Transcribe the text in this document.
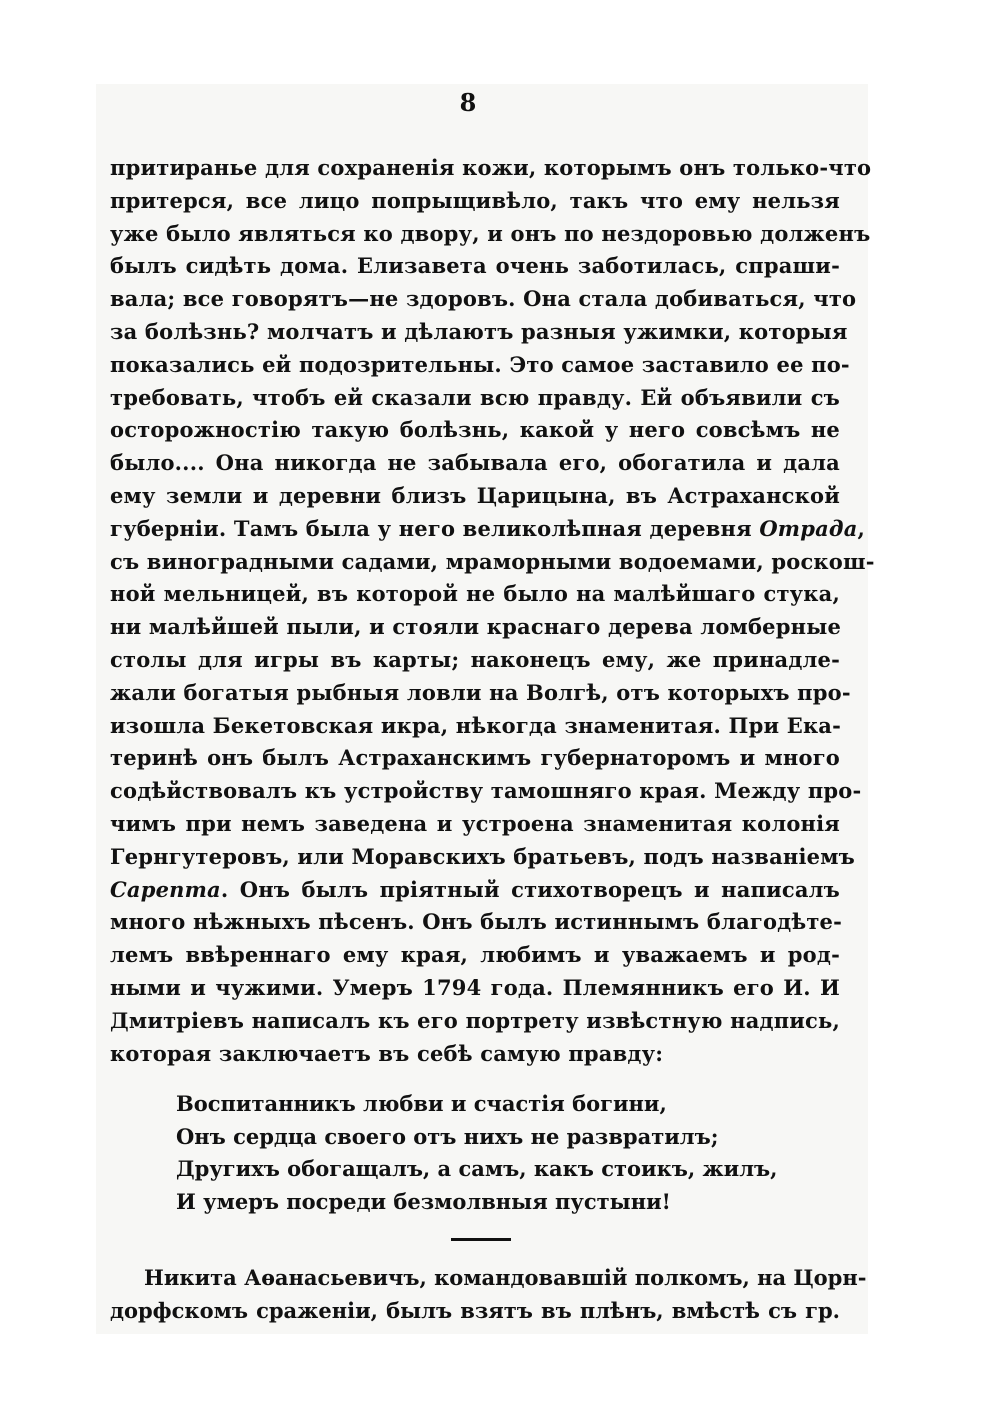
8
притиранье для сохраненія кожи, которымъ онъ только-что
притерся, все лицо попрыщивѣло, такъ что ему нельзя
уже было являться ко двору, и онъ по нездоровью долженъ
былъ сидѣть дома. Елизавета очень заботилась, спраши-
вала; все говорятъ—не здоровъ. Она стала добиваться, что
за болѣзнь? молчатъ и дѣлаютъ разныя ужимки, которыя
показались ей подозрительны. Это самое заставило ее по-
требовать, чтобъ ей сказали всю правду. Ей объявили съ
осторожностію такую болѣзнь, какой у него совсѣмъ не
было.... Она никогда не забывала его, обогатила и дала
ему земли и деревни близъ Царицына, въ Астраханской
губерніи. Тамъ была у него великолѣпная деревня Отрада,
съ виноградными садами, мраморными водоемами, роскош-
ной мельницей, въ которой не было на малѣйшаго стука,
ни малѣйшей пыли, и стояли краснаго дерева ломберные
столы для игры въ карты; наконецъ ему, же принадле-
жали богатыя рыбныя ловли на Волгѣ, отъ которыхъ про-
изошла Бекетовская икра, нѣкогда знаменитая. При Ека-
теринѣ онъ былъ Астраханскимъ губернаторомъ и много
содѣйствовалъ къ устройству тамошняго края. Между про-
чимъ при немъ заведена и устроена знаменитая колонія
Гернгутеровъ, или Моравскихъ братьевъ, подъ названіемъ
Сарепта. Онъ былъ пріятный стихотворецъ и написалъ
много нѣжныхъ пѣсенъ. Онъ былъ истиннымъ благодѣте-
лемъ ввѣреннаго ему края, любимъ и уважаемъ и род-
ными и чужими. Умеръ 1794 года. Племянникъ его И. И
Дмитріевъ написалъ къ его портрету извѣстную надпись,
которая заключаетъ въ себѣ самую правду:
Воспитанникъ любви и счастія богини,
Онъ сердца своего отъ нихъ не развратилъ;
Другихъ обогащалъ, а самъ, какъ стоикъ, жилъ,
И умеръ посреди безмолвныя пустыни!
Никита Аѳанасьевичъ, командовавшій полкомъ, на Цорн-
дорфскомъ сраженіи, былъ взятъ въ плѣнъ, вмѣстѣ съ гр.
